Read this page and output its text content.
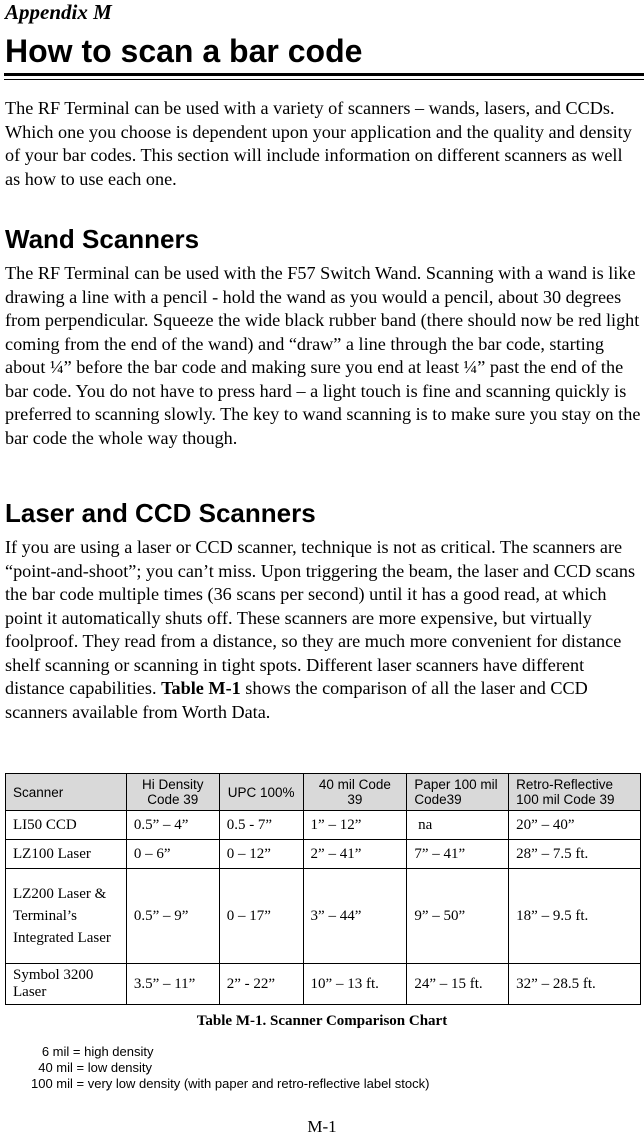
Appendix M
How to scan a bar code

The RF Terminal can be used with a variety of scanners – wands, lasers, and CCDs. Which one you choose is dependent upon your application and the quality and density of your bar codes. This section will include information on different scanners as well as how to use each one.

Wand Scanners

The RF Terminal can be used with the F57 Switch Wand. Scanning with a wand is like drawing a line with a pencil - hold the wand as you would a pencil, about 30 degrees from perpendicular. Squeeze the wide black rubber band (there should now be red light coming from the end of the wand) and “draw” a line through the bar code, starting about ¼” before the bar code and making sure you end at least ¼” past the end of the bar code. You do not have to press hard – a light touch is fine and scanning quickly is preferred to scanning slowly. The key to wand scanning is to make sure you stay on the bar code the whole way though.

Laser and CCD Scanners

If you are using a laser or CCD scanner, technique is not as critical. The scanners are “point-and-shoot”; you can’t miss. Upon triggering the beam, the laser and CCD scans the bar code multiple times (36 scans per second) until it has a good read, at which point it automatically shuts off. These scanners are more expensive, but virtually foolproof. They read from a distance, so they are much more convenient for distance shelf scanning or scanning in tight spots. Different laser scanners have different distance capabilities. Table M-1 shows the comparison of all the laser and CCD scanners available from Worth Data.

Scanner	Hi Density Code 39	UPC 100%	40 mil Code 39	Paper 100 mil Code39	Retro-Reflective 100 mil Code 39
LI50 CCD	0.5” – 4”	0.5 - 7”	1” – 12”	na	20” – 40”
LZ100 Laser	0 – 6”	0 – 12”	2” – 41”	7” – 41”	28” – 7.5 ft.
LZ200 Laser & Terminal’s Integrated Laser	0.5” – 9”	0 – 17”	3” – 44”	9” – 50”	18” – 9.5 ft.
Symbol 3200 Laser	3.5” – 11”	2” - 22”	10” – 13 ft.	24” – 15 ft.	32” – 28.5 ft.
Table M-1. Scanner Comparison Chart
6 mil = high density
40 mil = low density
100 mil = very low density (with paper and retro-reflective label stock)
M-1
